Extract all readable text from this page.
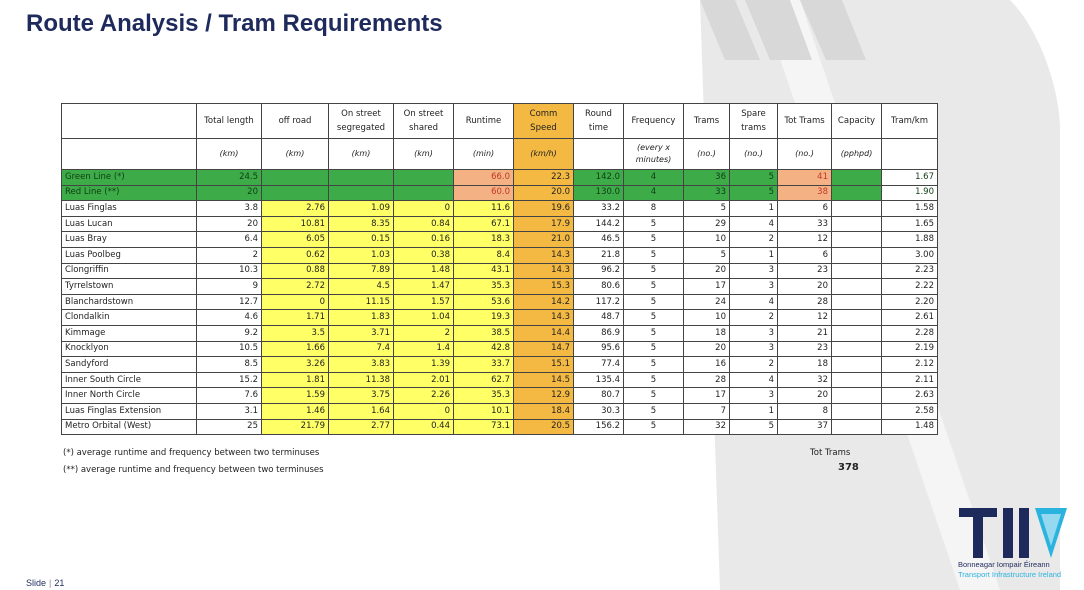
Route Analysis / Tram Requirements
	Total length	off road	On street segregated	On street shared	Runtime	Comm Speed	Round time	Frequency	Trams	Spare trams	Tot Trams	Capacity	Tram/km
	(km)	(km)	(km)	(km)	(min)	(km/h)		(every x minutes)	(no.)	(no.)	(no.)	(pphpd)	
Green Line (*)	24.5				66.0	22.3	142.0	4	36	5	41		1.67
Red Line (**)	20				60.0	20.0	130.0	4	33	5	38		1.90
Luas Finglas	3.8	2.76	1.09	0	11.6	19.6	33.2	8	5	1	6		1.58
Luas Lucan	20	10.81	8.35	0.84	67.1	17.9	144.2	5	29	4	33		1.65
Luas Bray	6.4	6.05	0.15	0.16	18.3	21.0	46.5	5	10	2	12		1.88
Luas Poolbeg	2	0.62	1.03	0.38	8.4	14.3	21.8	5	5	1	6		3.00
Clongriffin	10.3	0.88	7.89	1.48	43.1	14.3	96.2	5	20	3	23		2.23
Tyrrelstown	9	2.72	4.5	1.47	35.3	15.3	80.6	5	17	3	20		2.22
Blanchardstown	12.7	0	11.15	1.57	53.6	14.2	117.2	5	24	4	28		2.20
Clondalkin	4.6	1.71	1.83	1.04	19.3	14.3	48.7	5	10	2	12		2.61
Kimmage	9.2	3.5	3.71	2	38.5	14.4	86.9	5	18	3	21		2.28
Knocklyon	10.5	1.66	7.4	1.4	42.8	14.7	95.6	5	20	3	23		2.19
Sandyford	8.5	3.26	3.83	1.39	33.7	15.1	77.4	5	16	2	18		2.12
Inner South Circle	15.2	1.81	11.38	2.01	62.7	14.5	135.4	5	28	4	32		2.11
Inner North Circle	7.6	1.59	3.75	2.26	35.3	12.9	80.7	5	17	3	20		2.63
Luas Finglas Extension	3.1	1.46	1.64	0	10.1	18.4	30.3	5	7	1	8		2.58
Metro Orbital (West)	25	21.79	2.77	0.44	73.1	20.5	156.2	5	32	5	37		1.48
(*) average runtime and frequency between two terminuses
(**) average runtime and frequency between two terminuses
Tot Trams
378
Bonneagar Iompair Éireann
Transport Infrastructure Ireland
Slide | 21
